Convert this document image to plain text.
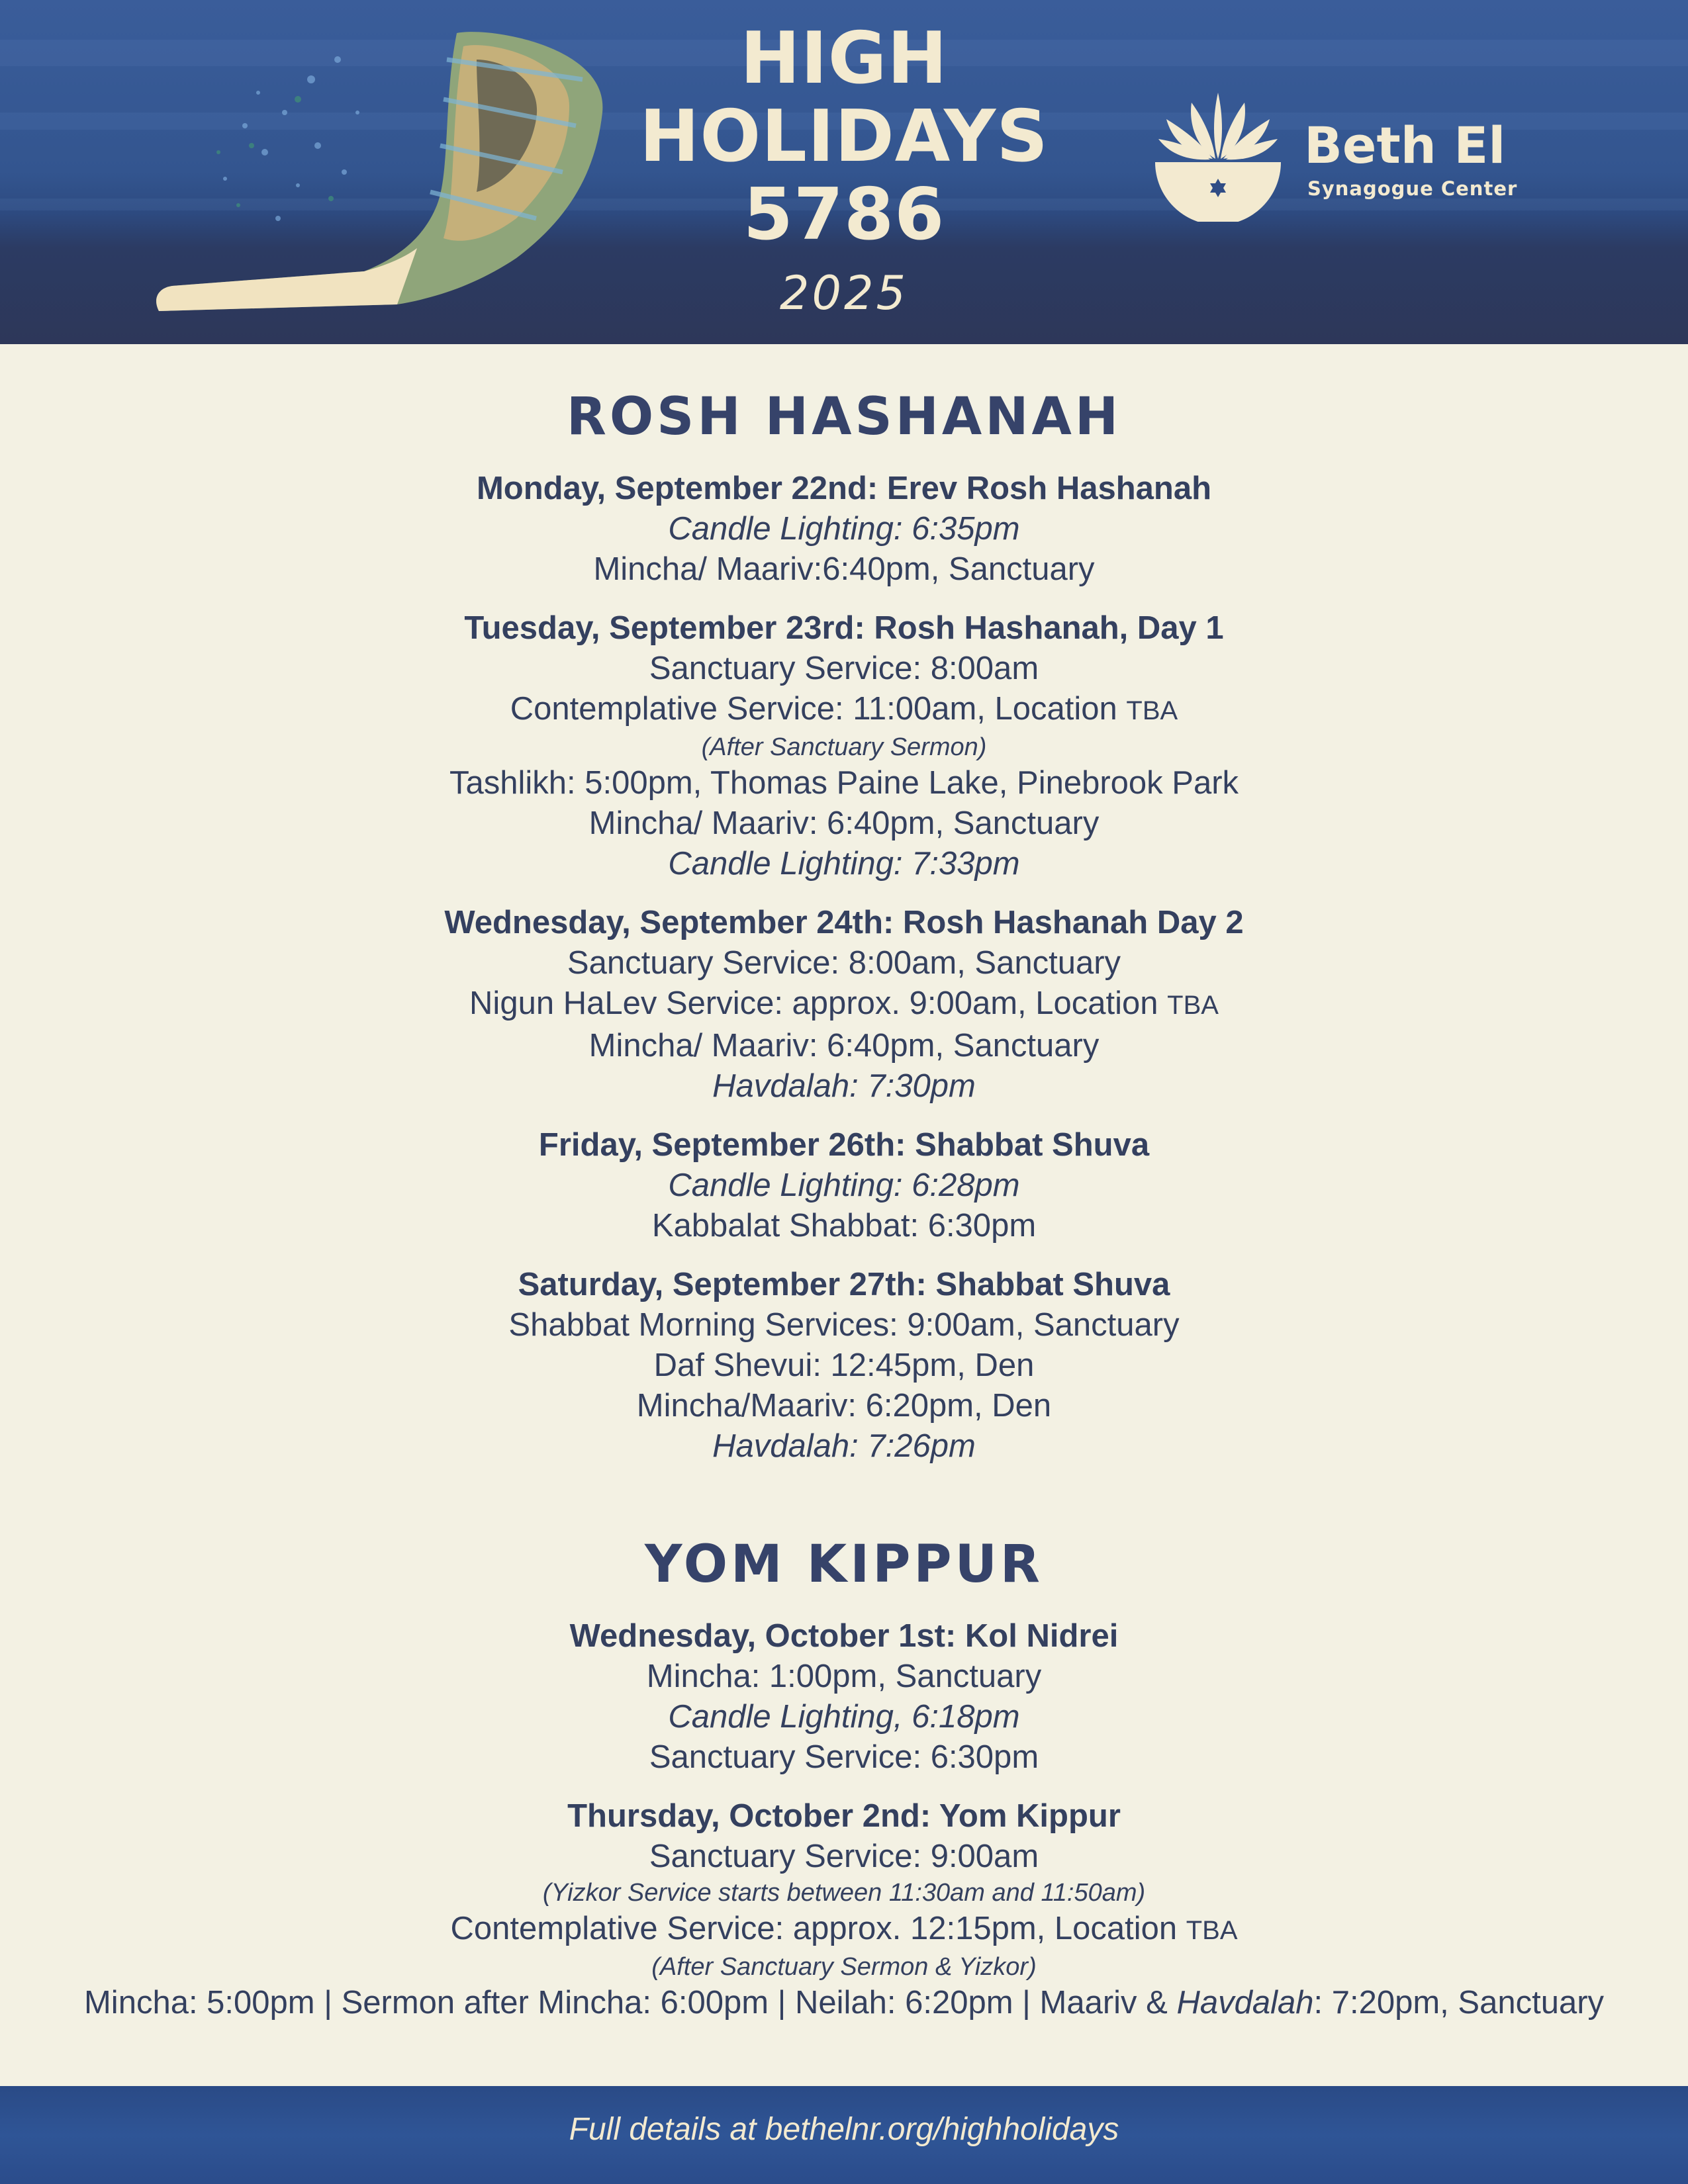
HIGH
HOLIDAYS
5786
2025
Beth El
Synagogue Center
ROSH HASHANAH
Monday, September 22nd: Erev Rosh Hashanah
Candle Lighting: 6:35pm
Mincha/ Maariv:6:40pm, Sanctuary
Tuesday, September 23rd: Rosh Hashanah, Day 1
Sanctuary Service: 8:00am
Contemplative Service: 11:00am, Location TBA
(After Sanctuary Sermon)
Tashlikh: 5:00pm, Thomas Paine Lake, Pinebrook Park
Mincha/ Maariv: 6:40pm, Sanctuary
Candle Lighting: 7:33pm
Wednesday, September 24th: Rosh Hashanah Day 2
Sanctuary Service: 8:00am, Sanctuary
Nigun HaLev Service: approx. 9:00am, Location TBA
Mincha/ Maariv: 6:40pm, Sanctuary
Havdalah: 7:30pm
Friday, September 26th: Shabbat Shuva
Candle Lighting: 6:28pm
Kabbalat Shabbat: 6:30pm
Saturday, September 27th: Shabbat Shuva
Shabbat Morning Services: 9:00am, Sanctuary
Daf Shevui: 12:45pm, Den
Mincha/Maariv: 6:20pm, Den
Havdalah: 7:26pm
YOM KIPPUR
Wednesday, October 1st: Kol Nidrei
Mincha: 1:00pm, Sanctuary
Candle Lighting, 6:18pm
Sanctuary Service: 6:30pm
Thursday, October 2nd: Yom Kippur
Sanctuary Service: 9:00am
(Yizkor Service starts between 11:30am and 11:50am)
Contemplative Service: approx. 12:15pm, Location TBA
(After Sanctuary Sermon & Yizkor)
Mincha: 5:00pm | Sermon after Mincha: 6:00pm | Neilah: 6:20pm | Maariv & Havdalah: 7:20pm, Sanctuary
Full details at bethelnr.org/highholidays
